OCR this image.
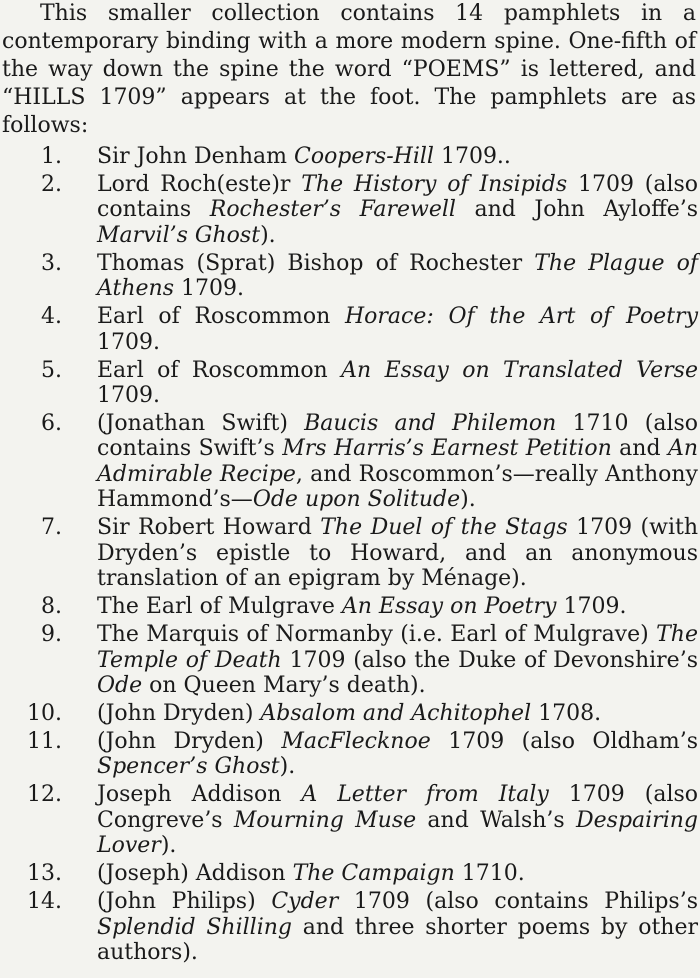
This smaller collection contains 14 pamphlets in a contemporary binding with a more modern spine. One-fifth of the way down the spine the word “POEMS” is lettered, and “HILLS 1709” appears at the foot. The pamphlets are as follows:

1. Sir John Denham Coopers-Hill 1709..
2. Lord Roch(este)r The History of Insipids 1709 (also contains Rochester’s Farewell and John Ayloffe’s Marvil’s Ghost).
3. Thomas (Sprat) Bishop of Rochester The Plague of Athens 1709.
4. Earl of Roscommon Horace: Of the Art of Poetry 1709.
5. Earl of Roscommon An Essay on Translated Verse 1709.
6. (Jonathan Swift) Baucis and Philemon 1710 (also contains Swift’s Mrs Harris’s Earnest Petition and An Admirable Recipe, and Roscommon’s—really Anthony Hammond’s—Ode upon Solitude).
7. Sir Robert Howard The Duel of the Stags 1709 (with Dryden’s epistle to Howard, and an anonymous translation of an epigram by Ménage).
8. The Earl of Mulgrave An Essay on Poetry 1709.
9. The Marquis of Normanby (i.e. Earl of Mulgrave) The Temple of Death 1709 (also the Duke of Devonshire’s Ode on Queen Mary’s death).
10. (John Dryden) Absalom and Achitophel 1708.
11. (John Dryden) MacFlecknoe 1709 (also Oldham’s Spencer’s Ghost).
12. Joseph Addison A Letter from Italy 1709 (also Congreve’s Mourning Muse and Walsh’s Despairing Lover).
13. (Joseph) Addison The Campaign 1710.
14. (John Philips) Cyder 1709 (also contains Philips’s Splendid Shilling and three shorter poems by other authors).
